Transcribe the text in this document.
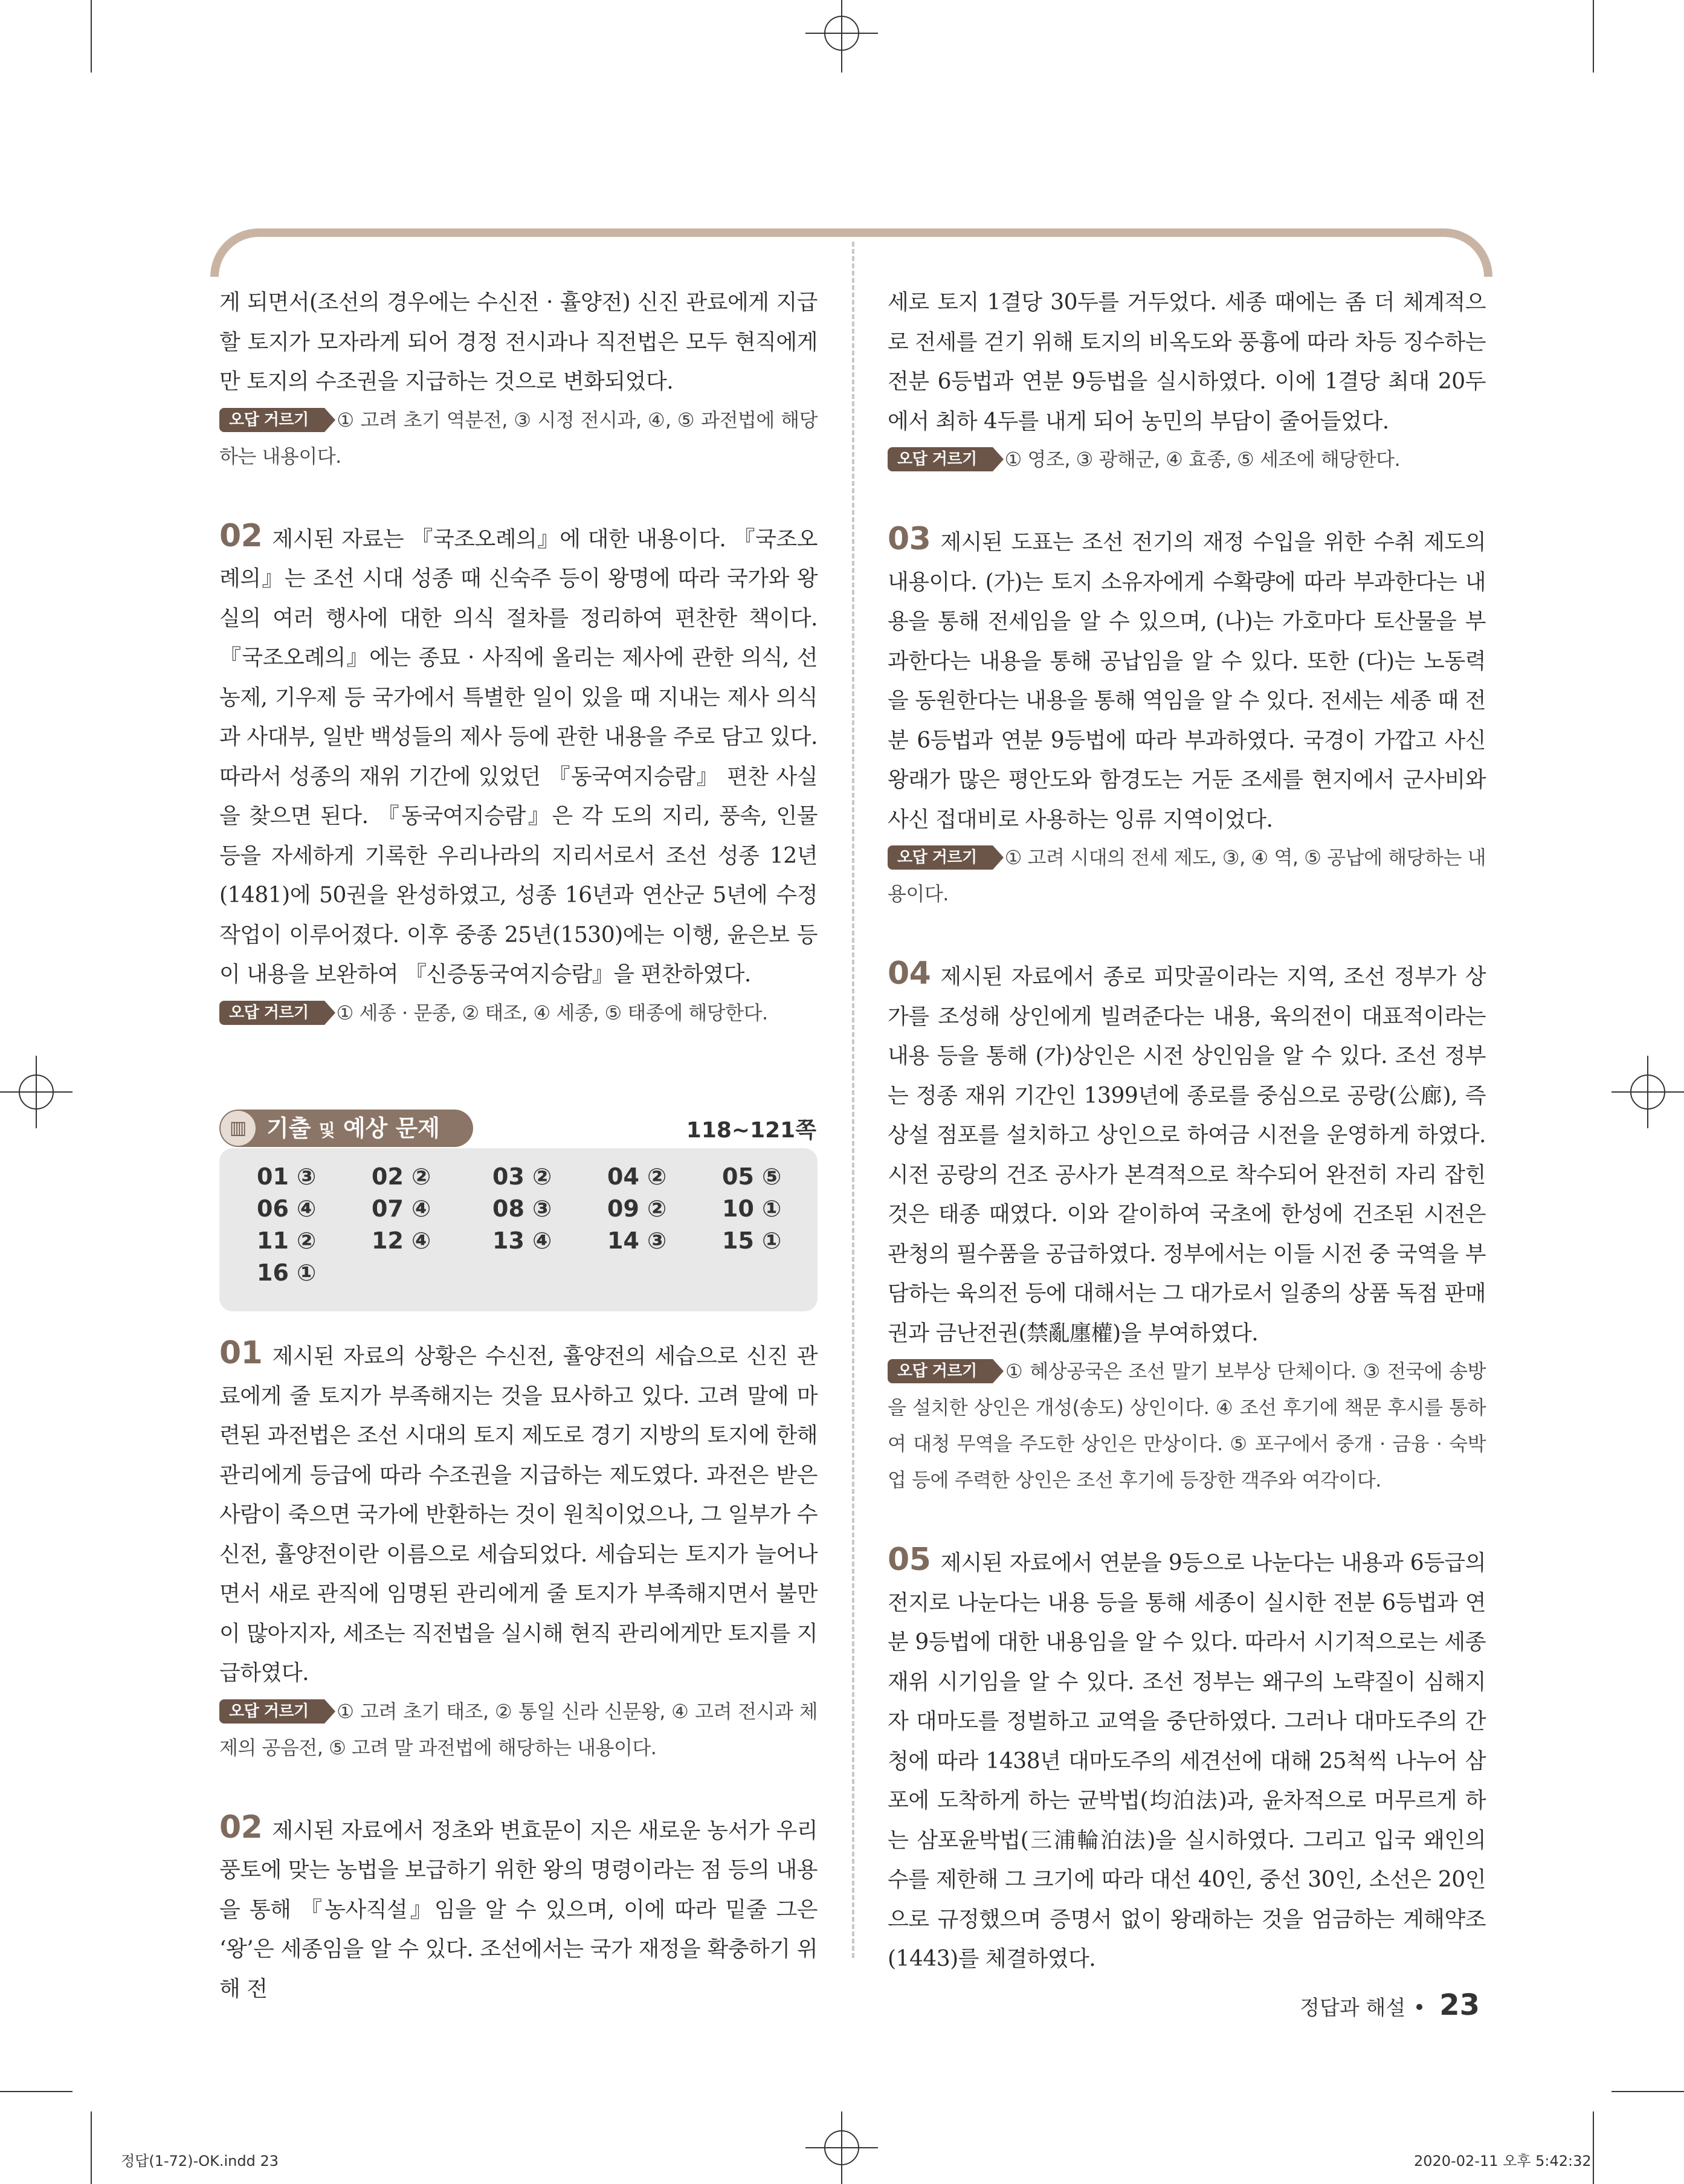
게 되면서(조선의 경우에는 수신전 · 휼양전) 신진 관료에게 지급할 토지가 모자라게 되어 경정 전시과나 직전법은 모두 현직에게만 토지의 수조권을 지급하는 것으로 변화되었다.

오답 거르기 ① 고려 초기 역분전, ③ 시정 전시과, ④, ⑤ 과전법에 해당하는 내용이다.

02 제시된 자료는 『국조오례의』에 대한 내용이다. 『국조오례의』는 조선 시대 성종 때 신숙주 등이 왕명에 따라 국가와 왕실의 여러 행사에 대한 의식 절차를 정리하여 편찬한 책이다. 『국조오례의』에는 종묘 · 사직에 올리는 제사에 관한 의식, 선농제, 기우제 등 국가에서 특별한 일이 있을 때 지내는 제사 의식과 사대부, 일반 백성들의 제사 등에 관한 내용을 주로 담고 있다. 따라서 성종의 재위 기간에 있었던 『동국여지승람』 편찬 사실을 찾으면 된다. 『동국여지승람』은 각 도의 지리, 풍속, 인물 등을 자세하게 기록한 우리나라의 지리서로서 조선 성종 12년(1481)에 50권을 완성하였고, 성종 16년과 연산군 5년에 수정 작업이 이루어졌다. 이후 중종 25년(1530)에는 이행, 윤은보 등이 내용을 보완하여 『신증동국여지승람』을 편찬하였다.

오답 거르기 ① 세종 · 문종, ② 태조, ④ 세종, ⑤ 태종에 해당한다.

▥ 기출 및 예상 문제	118~121쪽
01 ③ 02 ②	03 ② 04 ② 05 ⑤
06 ④ 07 ④	08 ③ 09 ② 10 ①
11 ② 12 ④	13 ④ 14 ③ 15 ①
16 ①

01 제시된 자료의 상황은 수신전, 휼양전의 세습으로 신진 관료에게 줄 토지가 부족해지는 것을 묘사하고 있다. 고려 말에 마련된 과전법은 조선 시대의 토지 제도로 경기 지방의 토지에 한해 관리에게 등급에 따라 수조권을 지급하는 제도였다. 과전은 받은 사람이 죽으면 국가에 반환하는 것이 원칙이었으나, 그 일부가 수신전, 휼양전이란 이름으로 세습되었다. 세습되는 토지가 늘어나면서 새로 관직에 임명된 관리에게 줄 토지가 부족해지면서 불만이 많아지자, 세조는 직전법을 실시해 현직 관리에게만 토지를 지급하였다.

오답 거르기 ① 고려 초기 태조, ② 통일 신라 신문왕, ④ 고려 전시과 체제의 공음전, ⑤ 고려 말 과전법에 해당하는 내용이다.

02 제시된 자료에서 정초와 변효문이 지은 새로운 농서가 우리 풍토에 맞는 농법을 보급하기 위한 왕의 명령이라는 점 등의 내용을 통해 『농사직설』임을 알 수 있으며, 이에 따라 밑줄 그은 ‘왕’은 세종임을 알 수 있다. 조선에서는 국가 재정을 확충하기 위해 전

세로 토지 1결당 30두를 거두었다. 세종 때에는 좀 더 체계적으로 전세를 걷기 위해 토지의 비옥도와 풍흉에 따라 차등 징수하는 전분 6등법과 연분 9등법을 실시하였다. 이에 1결당 최대 20두에서 최하 4두를 내게 되어 농민의 부담이 줄어들었다.

오답 거르기 ① 영조, ③ 광해군, ④ 효종, ⑤ 세조에 해당한다.

03 제시된 도표는 조선 전기의 재정 수입을 위한 수취 제도의 내용이다. (가)는 토지 소유자에게 수확량에 따라 부과한다는 내용을 통해 전세임을 알 수 있으며, (나)는 가호마다 토산물을 부과한다는 내용을 통해 공납임을 알 수 있다. 또한 (다)는 노동력을 동원한다는 내용을 통해 역임을 알 수 있다. 전세는 세종 때 전분 6등법과 연분 9등법에 따라 부과하였다. 국경이 가깝고 사신 왕래가 많은 평안도와 함경도는 거둔 조세를 현지에서 군사비와 사신 접대비로 사용하는 잉류 지역이었다.

오답 거르기 ① 고려 시대의 전세 제도, ③, ④ 역, ⑤ 공납에 해당하는 내용이다.

04 제시된 자료에서 종로 피맛골이라는 지역, 조선 정부가 상가를 조성해 상인에게 빌려준다는 내용, 육의전이 대표적이라는 내용 등을 통해 (가)상인은 시전 상인임을 알 수 있다. 조선 정부는 정종 재위 기간인 1399년에 종로를 중심으로 공랑(公廊), 즉 상설 점포를 설치하고 상인으로 하여금 시전을 운영하게 하였다. 시전 공랑의 건조 공사가 본격적으로 착수되어 완전히 자리 잡힌 것은 태종 때였다. 이와 같이하여 국초에 한성에 건조된 시전은 관청의 필수품을 공급하였다. 정부에서는 이들 시전 중 국역을 부담하는 육의전 등에 대해서는 그 대가로서 일종의 상품 독점 판매권과 금난전권(禁亂廛權)을 부여하였다.

오답 거르기 ① 혜상공국은 조선 말기 보부상 단체이다. ③ 전국에 송방을 설치한 상인은 개성(송도) 상인이다. ④ 조선 후기에 책문 후시를 통하여 대청 무역을 주도한 상인은 만상이다. ⑤ 포구에서 중개 · 금융 · 숙박업 등에 주력한 상인은 조선 후기에 등장한 객주와 여각이다.

05 제시된 자료에서 연분을 9등으로 나눈다는 내용과 6등급의 전지로 나눈다는 내용 등을 통해 세종이 실시한 전분 6등법과 연분 9등법에 대한 내용임을 알 수 있다. 따라서 시기적으로는 세종 재위 시기임을 알 수 있다. 조선 정부는 왜구의 노략질이 심해지자 대마도를 정벌하고 교역을 중단하였다. 그러나 대마도주의 간청에 따라 1438년 대마도주의 세견선에 대해 25척씩 나누어 삼포에 도착하게 하는 균박법(均泊法)과, 윤차적으로 머무르게 하는 삼포윤박법(三浦輪泊法)을 실시하였다. 그리고 입국 왜인의 수를 제한해 그 크기에 따라 대선 40인, 중선 30인, 소선은 20인으로 규정했으며 증명서 없이 왕래하는 것을 엄금하는 계해약조(1443)를 체결하였다.

정답과 해설 23
정답(1-72)-OK.indd 23	2020-02-11 오후 5:42:32
